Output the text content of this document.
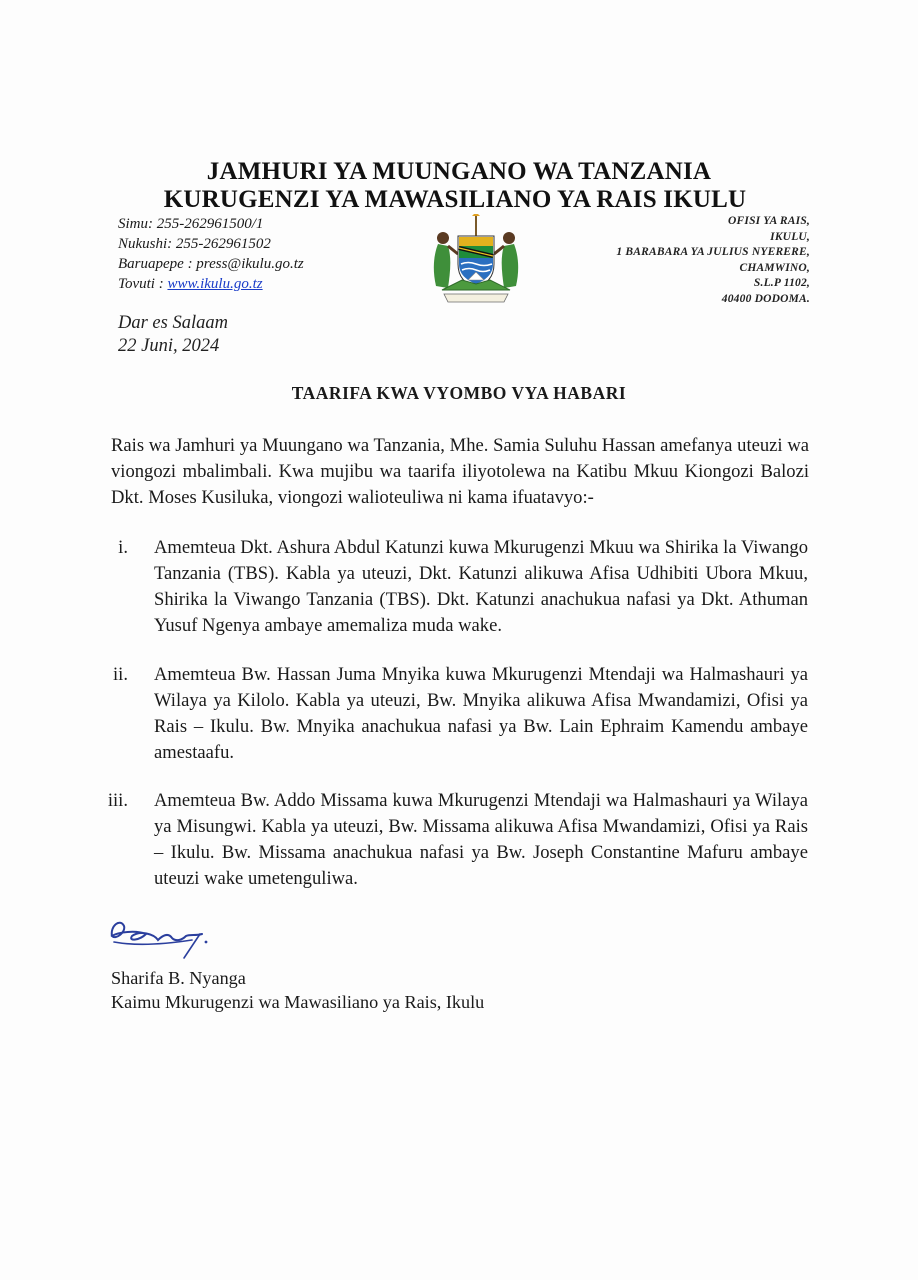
JAMHURI YA MUUNGANO WA TANZANIA
KURUGENZI YA MAWASILIANO YA RAIS IKULU
Simu: 255-262961500/1
Nukushi: 255-262961502
Baruapepe : press@ikulu.go.tz
Tovuti : www.ikulu.go.tz
OFISI YA RAIS,
IKULU,
1 BARABARA YA JULIUS NYERERE,
CHAMWINO,
S.L.P 1102,
40400 DODOMA.
Dar es Salaam
22 Juni, 2024
TAARIFA KWA VYOMBO VYA HABARI
Rais wa Jamhuri ya Muungano wa Tanzania, Mhe. Samia Suluhu Hassan amefanya uteuzi wa viongozi mbalimbali. Kwa mujibu wa taarifa iliyotolewa na Katibu Mkuu Kiongozi Balozi Dkt. Moses Kusiluka, viongozi walioteuliwa ni kama ifuatavyo:-
i. Amemteua Dkt. Ashura Abdul Katunzi kuwa Mkurugenzi Mkuu wa Shirika la Viwango Tanzania (TBS). Kabla ya uteuzi, Dkt. Katunzi alikuwa Afisa Udhibiti Ubora Mkuu, Shirika la Viwango Tanzania (TBS). Dkt. Katunzi anachukua nafasi ya Dkt. Athuman Yusuf Ngenya ambaye amemaliza muda wake.
ii. Amemteua Bw. Hassan Juma Mnyika kuwa Mkurugenzi Mtendaji wa Halmashauri ya Wilaya ya Kilolo. Kabla ya uteuzi, Bw. Mnyika alikuwa Afisa Mwandamizi, Ofisi ya Rais – Ikulu. Bw. Mnyika anachukua nafasi ya Bw. Lain Ephraim Kamendu ambaye amestaafu.
iii. Amemteua Bw. Addo Missama kuwa Mkurugenzi Mtendaji wa Halmashauri ya Wilaya ya Misungwi. Kabla ya uteuzi, Bw. Missama alikuwa Afisa Mwandamizi, Ofisi ya Rais – Ikulu. Bw. Missama anachukua nafasi ya Bw. Joseph Constantine Mafuru ambaye uteuzi wake umetenguliwa.
Sharifa B. Nyanga
Kaimu Mkurugenzi wa Mawasiliano ya Rais, Ikulu
